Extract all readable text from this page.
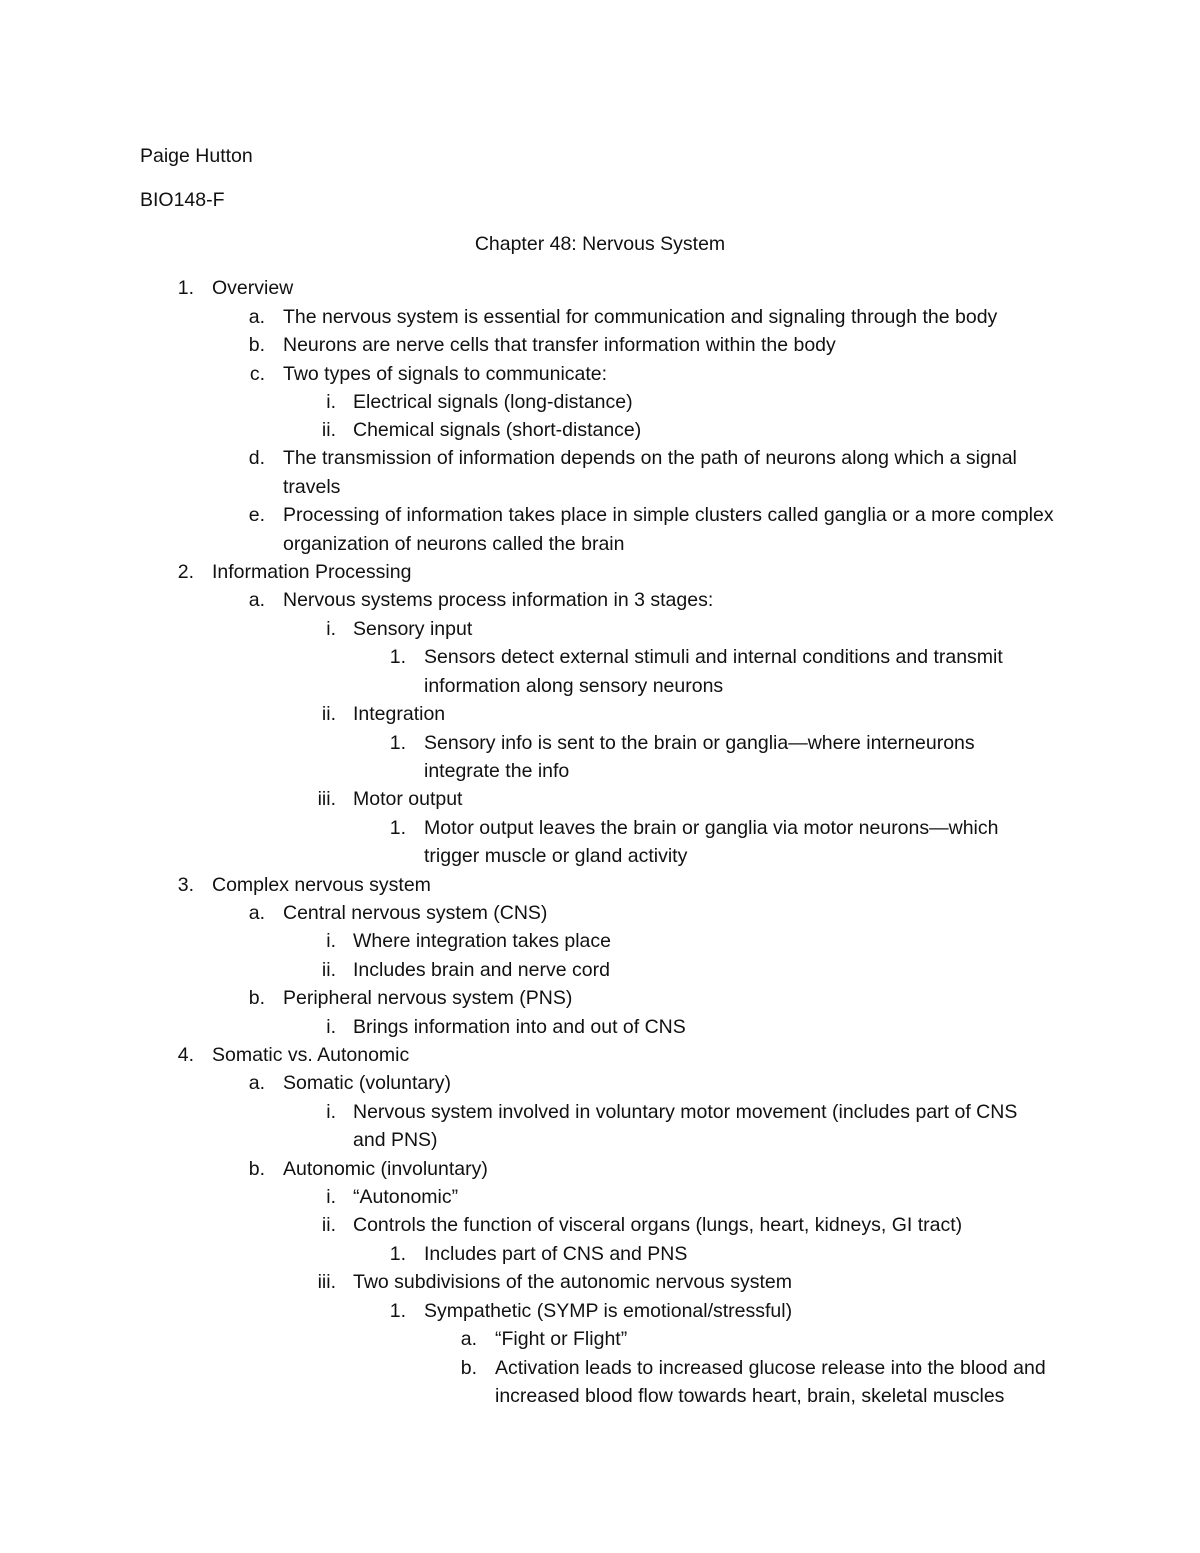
Paige Hutton
BIO148-F
Chapter 48: Nervous System
1. Overview
a. The nervous system is essential for communication and signaling through the body
b. Neurons are nerve cells that transfer information within the body
c. Two types of signals to communicate:
i. Electrical signals (long-distance)
ii. Chemical signals (short-distance)
d. The transmission of information depends on the path of neurons along which a signal
travels
e. Processing of information takes place in simple clusters called ganglia or a more complex
organization of neurons called the brain
2. Information Processing
a. Nervous systems process information in 3 stages:
i. Sensory input
1. Sensors detect external stimuli and internal conditions and transmit
information along sensory neurons
ii. Integration
1. Sensory info is sent to the brain or ganglia—where interneurons
integrate the info
iii. Motor output
1. Motor output leaves the brain or ganglia via motor neurons—which
trigger muscle or gland activity
3. Complex nervous system
a. Central nervous system (CNS)
i. Where integration takes place
ii. Includes brain and nerve cord
b. Peripheral nervous system (PNS)
i. Brings information into and out of CNS
4. Somatic vs. Autonomic
a. Somatic (voluntary)
i. Nervous system involved in voluntary motor movement (includes part of CNS
and PNS)
b. Autonomic (involuntary)
i. “Autonomic”
ii. Controls the function of visceral organs (lungs, heart, kidneys, GI tract)
1. Includes part of CNS and PNS
iii. Two subdivisions of the autonomic nervous system
1. Sympathetic (SYMP is emotional/stressful)
a. “Fight or Flight”
b. Activation leads to increased glucose release into the blood and
increased blood flow towards heart, brain, skeletal muscles
